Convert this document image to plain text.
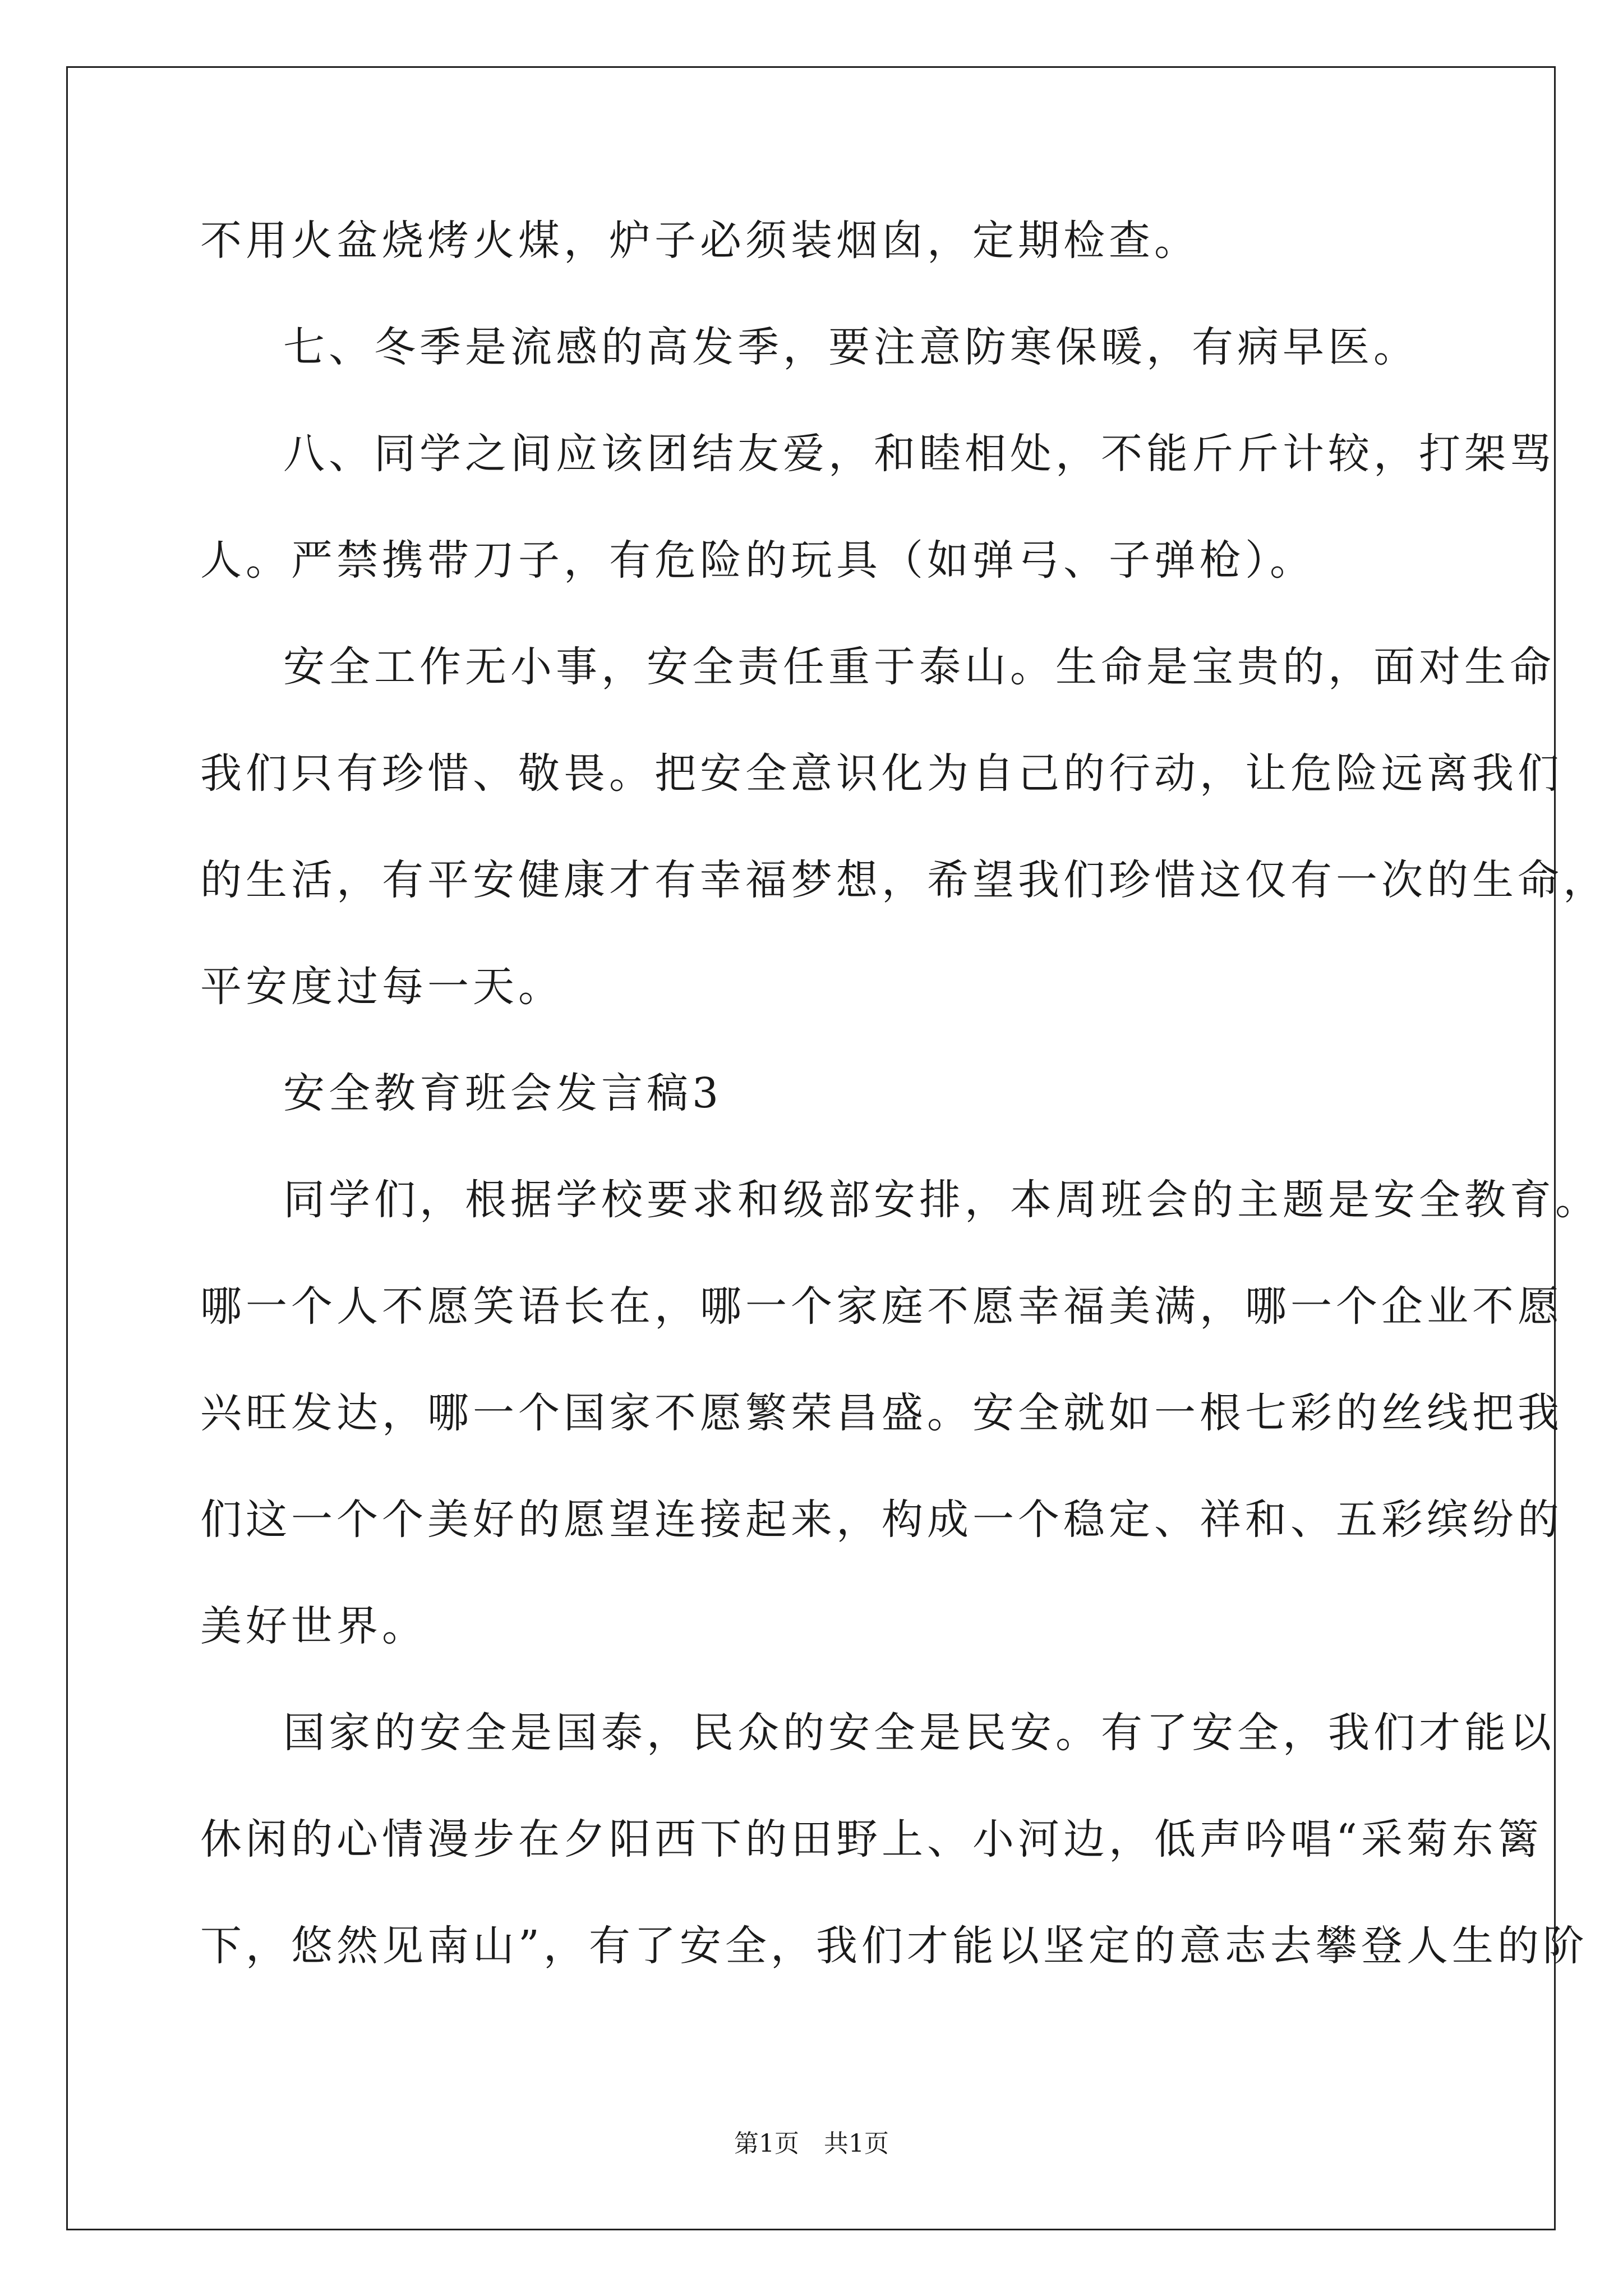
不用火盆烧烤火煤，炉子必须装烟囱，定期检查。
七、冬季是流感的高发季，要注意防寒保暖，有病早医。
八、同学之间应该团结友爱，和睦相处，不能斤斤计较，打架骂
人。严禁携带刀子，有危险的玩具（如弹弓、子弹枪）。
安全工作无小事，安全责任重于泰山。生命是宝贵的，面对生命
我们只有珍惜、敬畏。把安全意识化为自己的行动，让危险远离我们
的生活，有平安健康才有幸福梦想，希望我们珍惜这仅有一次的生命，
平安度过每一天。
安全教育班会发言稿3
同学们，根据学校要求和级部安排，本周班会的主题是安全教育。
哪一个人不愿笑语长在，哪一个家庭不愿幸福美满，哪一个企业不愿
兴旺发达，哪一个国家不愿繁荣昌盛。安全就如一根七彩的丝线把我
们这一个个美好的愿望连接起来，构成一个稳定、祥和、五彩缤纷的
美好世界。
国家的安全是国泰，民众的安全是民安。有了安全，我们才能以
休闲的心情漫步在夕阳西下的田野上、小河边，低声吟唱“采菊东篱
下，悠然见南山”，有了安全，我们才能以坚定的意志去攀登人生的阶
第1页　共1页
